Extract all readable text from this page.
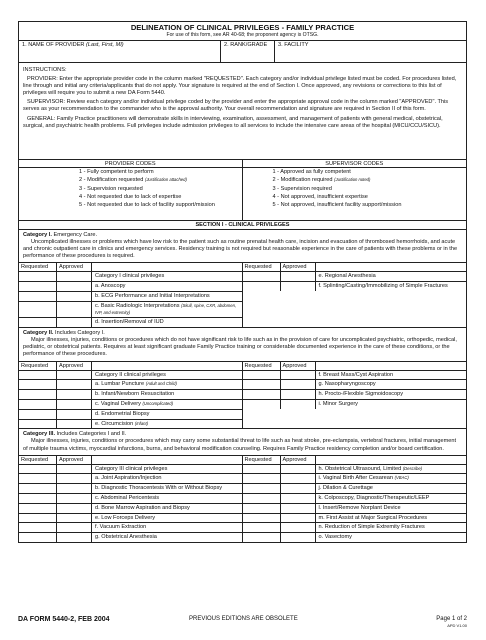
DELINEATION OF CLINICAL PRIVILEGES - FAMILY PRACTICE
For use of this form, see AR 40-68; the proponent agency is OTSG.
1. NAME OF PROVIDER (Last, First, MI)	2. RANK/GRADE	3. FACILITY

INSTRUCTIONS:

PROVIDER: Enter the appropriate provider code in the column marked "REQUESTED". Each category and/or individual privilege listed must be coded. For procedures listed, line through and initial any criteria/applicants that do not apply. Your signature is required at the end of Section I. Once approved, any revisions or corrections to this list of privileges will require you to submit a new DA Form 5440.

SUPERVISOR: Review each category and/or individual privilege coded by the provider and enter the appropriate approval code in the column marked "APPROVED". This serves as your recommendation to the commander who is the approval authority. Your overall recommendation and signature are required in Section II of this form.

GENERAL: Family Practice practitioners will demonstrate skills in interviewing, examination, assessment, and management of patients with general medical, obstetrical, surgical, and psychiatric health problems. Full privileges include admission privileges to all services to include the intensive care areas of the hospital (MICU/CCU/SICU).

PROVIDER CODES
1 - Fully competent to perform
2 - Modification requested (Justification attached)
3 - Supervision requested
4 - Not requested due to lack of expertise
5 - Not requested due to lack of facility support/mission
SUPERVISOR CODES
1 - Approved as fully competent
2 - Modification required (Justification noted)
3 - Supervision required
4 - Not approved, insufficient expertise
5 - Not approved, insufficient facility support/mission
SECTION I - CLINICAL PRIVILEGES
Category I. Emergency Care.
Uncomplicated illnesses or problems which have low risk to the patient such as routine prenatal health care, incision and evacuation of thrombosed hemorrhoids, and acute and chronic outpatient care in clinics and emergency services. Residency training is not required but reasonable experience in the care of patients with these problems or in the performance of these procedures is required.
Requested	Approved
Category I clinical privileges
a. Anoscopy
b. ECG Performance and Initial Interpretations
c. Basic Radiologic Interpretations (Skull, spine, CXR, abdomen, IVP, and extremity)
d. Insertion/Removal of IUD
Requested	Approved
e. Regional Anesthesia
f. Splinting/Casting/Immobilizing of Simple Fractures
Category II. Includes Category I.
Major illnesses, injuries, conditions or procedures which do not have significant risk to life such as in the provision of care for uncomplicated psychiatric, orthopedic, medical, pediatric, or obstetrical patients. Requires at least significant graduate Family Practice training or considerable documented experience in the care of these conditions, or the performance of these procedures.
Requested	Approved
Category II clinical privileges
a. Lumbar Puncture (Adult and Child)
b. Infant/Newborn Resuscitation
c. Vaginal Delivery (Uncomplicated)
d. Endometrial Biopsy
e. Circumcision (Infant)
Requested	Approved
f. Breast Mass/Cyst Aspiration
g. Nasopharyngoscopy
h. Procto-/Flexible Sigmoidoscopy
i. Minor Surgery
Category III. Includes Categories I and II.
Major illnesses, injuries, conditions or procedures which may carry some substantial threat to life such as heat stroke, pre-eclampsia, vertebral fractures, initial management of multiple trauma victims, myocardial infarctions, burns, and behavioral modification counseling. Requires Family Practice residency completion and/or board certification.
Requested	Approved
Category III clinical privileges
a. Joint Aspiration/Injection
b. Diagnostic Thoracentesis With or Without Biopsy
c. Abdominal Pericentesis
d. Bone Marrow Aspiration and Biopsy
e. Low Forceps Delivery
f. Vacuum Extraction
g. Obstetrical Anesthesia
Requested	Approved
h. Obstetrical Ultrasound, Limited (Describe)
i. Vaginal Birth After Cesarean (VBAC)
j. Dilation & Curettage
k. Colposcopy, Diagnostic/Therapeutic/LEEP
l. Insert/Remove Norplant Device
m. First Assist at Major Surgical Procedures
n. Reduction of Simple Extremity Fractures
o. Vasectomy
DA FORM 5440-2, FEB 2004	PREVIOUS EDITIONS ARE OBSOLETE	Page 1 of 2
APD V1.00
